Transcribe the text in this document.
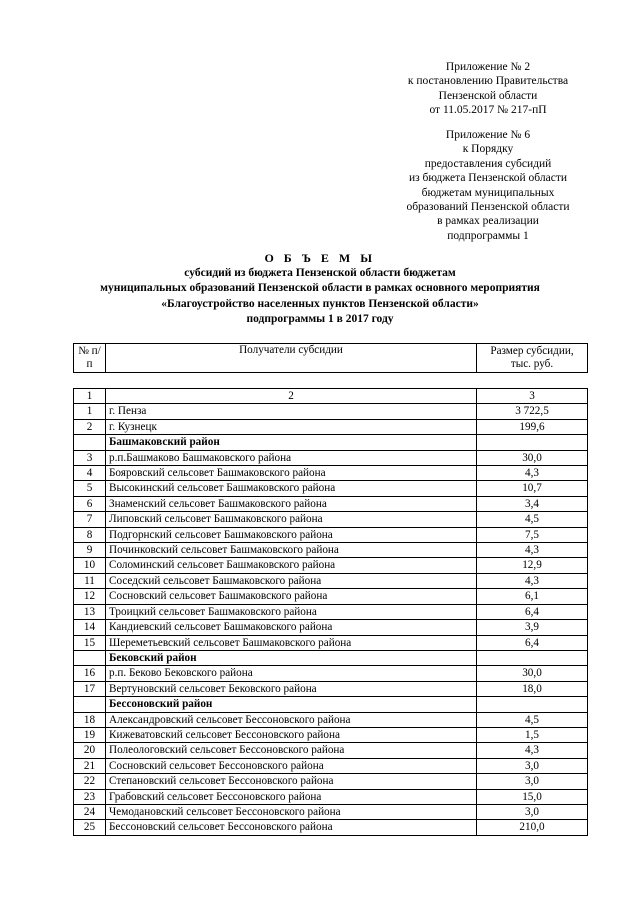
Приложение № 2
к постановлению Правительства
Пензенской области
от 11.05.2017 № 217-пП
Приложение № 6
к Порядку
предоставления субсидий
из бюджета Пензенской области
бюджетам муниципальных
образований Пензенской области
в рамках реализации
подпрограммы 1
О Б Ъ Е М Ы
субсидий из бюджета Пензенской области бюджетам
муниципальных образований Пензенской области в рамках основного мероприятия
«Благоустройство населенных пунктов Пензенской области»
подпрограммы 1 в 2017 году
№ п/п	Получатели субсидии	Размер субсидии, тыс. руб.
1	2	3
1	г. Пенза	3 722,5
2	г. Кузнецк	199,6
	Башмаковский район	
3	р.п.Башмаково Башмаковского района	30,0
4	Бояровский сельсовет Башмаковского района	4,3
5	Высокинский сельсовет Башмаковского района	10,7
6	Знаменский сельсовет Башмаковского района	3,4
7	Липовский сельсовет Башмаковского района	4,5
8	Подгорнский сельсовет Башмаковского района	7,5
9	Починковский сельсовет Башмаковского района	4,3
10	Соломинский сельсовет Башмаковского района	12,9
11	Соседский сельсовет Башмаковского района	4,3
12	Сосновский сельсовет Башмаковского района	6,1
13	Троицкий сельсовет Башмаковского района	6,4
14	Кандиевский сельсовет Башмаковского района	3,9
15	Шереметьевский сельсовет Башмаковского района	6,4
	Бековский район	
16	р.п. Беково Бековского района	30,0
17	Вертуновский сельсовет Бековского района	18,0
	Бессоновский район	
18	Александровский сельсовет Бессоновского района	4,5
19	Кижеватовский сельсовет Бессоновского района	1,5
20	Полеологовский сельсовет Бессоновского района	4,3
21	Сосновский сельсовет Бессоновского района	3,0
22	Степановский сельсовет Бессоновского района	3,0
23	Грабовский сельсовет Бессоновского района	15,0
24	Чемодановский сельсовет Бессоновского района	3,0
25	Бессоновский сельсовет Бессоновского района	210,0
